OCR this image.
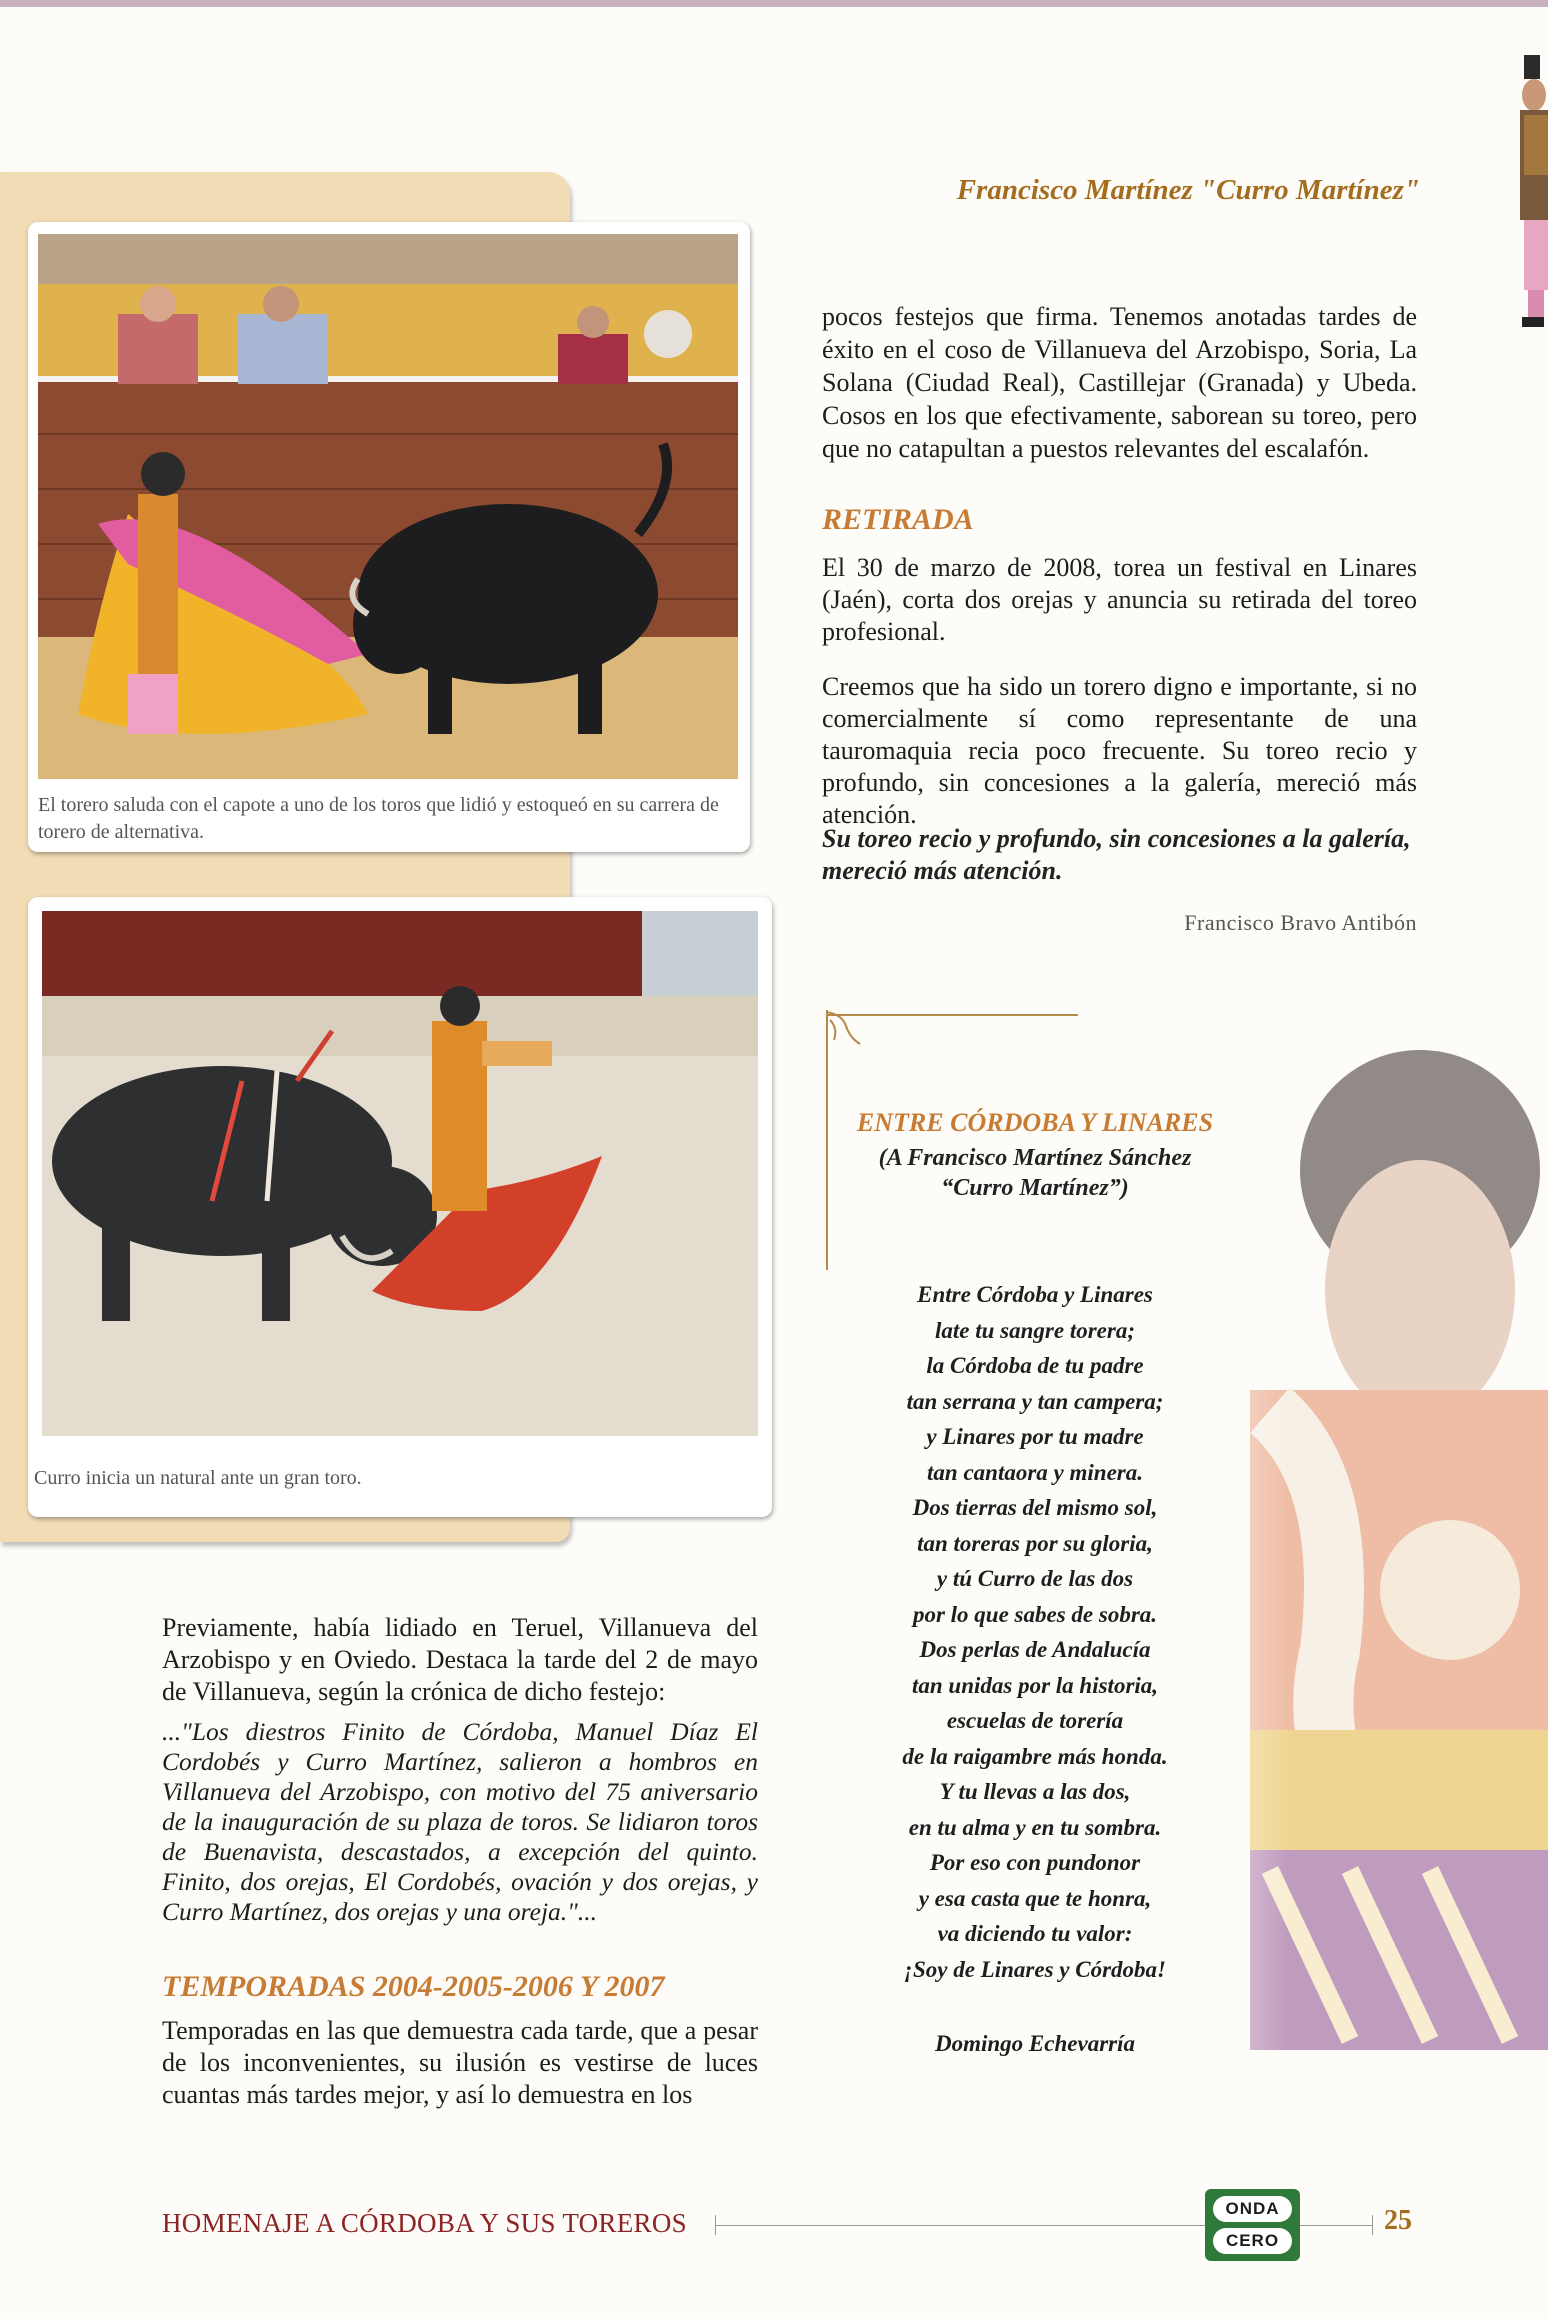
Francisco Martínez "Curro Martínez"
El torero saluda con el capote a uno de los toros que lidió y estoqueó en su carrera de torero de alternativa.
Curro inicia un natural ante un gran toro.
Previamente, había lidiado en Teruel, Villanueva del Arzobispo y en Oviedo. Destaca la tarde del 2 de mayo de Villanueva, según la crónica de dicho festejo:
..."Los diestros Finito de Córdoba, Manuel Díaz El Cordobés y Curro Martínez, salieron a hombros en Villanueva del Arzobispo, con motivo del 75 aniversario de la inauguración de su plaza de toros. Se lidiaron toros de Buenavista, descastados, a excepción del quinto. Finito, dos orejas, El Cordobés, ovación y dos orejas, y Curro Martínez, dos orejas y una oreja."...
TEMPORADAS 2004-2005-2006 Y 2007
Temporadas en las que demuestra cada tarde, que a pesar de los inconvenientes, su ilusión es vestirse de luces cuantas más tardes mejor, y así lo demuestra en los
pocos festejos que firma. Tenemos anotadas tardes de éxito en el coso de Villanueva del Arzobispo, Soria, La Solana (Ciudad Real), Castillejar (Granada) y Ubeda. Cosos en los que efectivamente, saborean su toreo, pero que no catapultan a puestos relevantes del escalafón.
RETIRADA
El 30 de marzo de 2008, torea un festival en Linares (Jaén), corta dos orejas y anuncia su retirada del toreo profesional.
Creemos que ha sido un torero digno e importante, si no comercialmente sí como representante de una tauromaquia recia poco frecuente. Su toreo recio y profundo, sin concesiones a la galería, mereció más atención.
Su toreo recio y profundo, sin concesiones a la galería, mereció más atención.
Francisco Bravo Antibón
ENTRE CÓRDOBA Y LINARES
(A Francisco Martínez Sánchez
“Curro Martínez”)
Entre Córdoba y Linares
late tu sangre torera;
la Córdoba de tu padre
tan serrana y tan campera;
y Linares por tu madre
tan cantaora y minera.
Dos tierras del mismo sol,
tan toreras por su gloria,
y tú Curro de las dos
por lo que sabes de sobra.
Dos perlas de Andalucía
tan unidas por la historia,
escuelas de torería
de la raigambre más honda.
Y tu llevas a las dos,
en tu alma y en tu sombra.
Por eso con pundonor
y esa casta que te honra,
va diciendo tu valor:
¡Soy de Linares y Córdoba!
Domingo Echevarría
HOMENAJE A CÓRDOBA Y SUS TOREROS	ONDA
CERO
25
